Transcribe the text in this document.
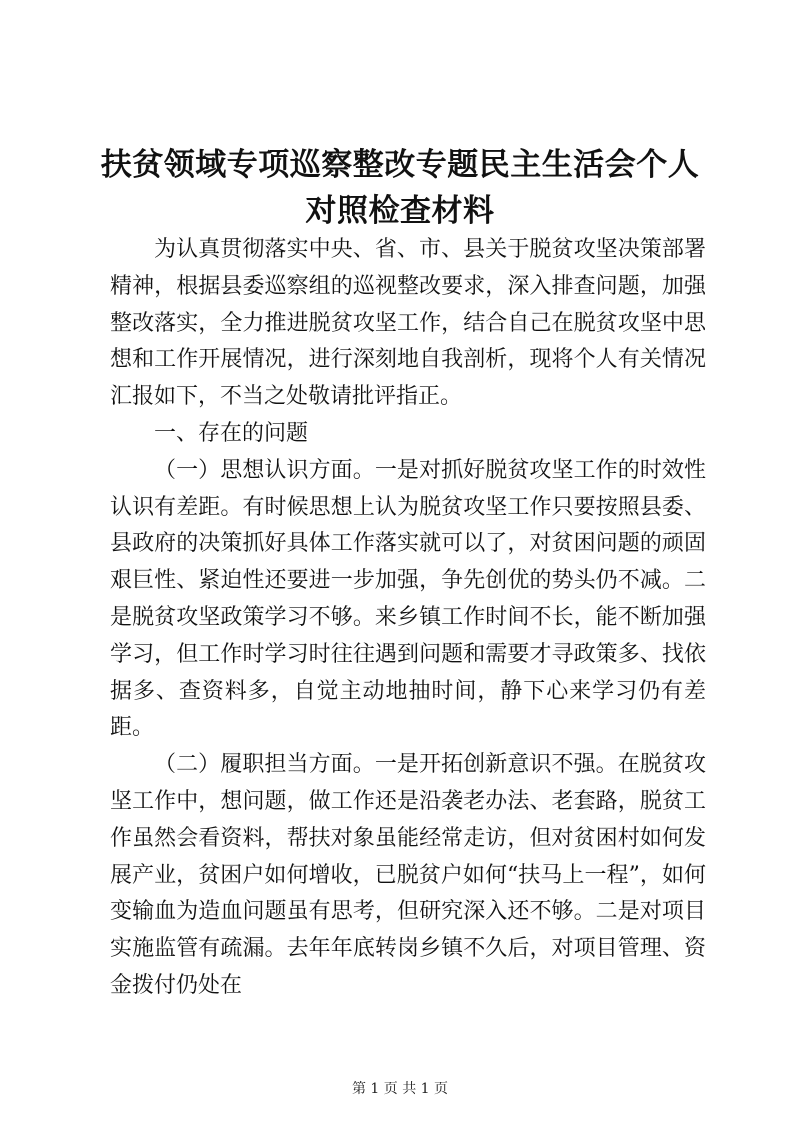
扶贫领域专项巡察整改专题民主生活会个人对照检查材料

为认真贯彻落实中央、省、市、县关于脱贫攻坚决策部署精神，根据县委巡察组的巡视整改要求，深入排查问题，加强整改落实，全力推进脱贫攻坚工作，结合自己在脱贫攻坚中思想和工作开展情况，进行深刻地自我剖析，现将个人有关情况汇报如下，不当之处敬请批评指正。

一、存在的问题

（一）思想认识方面。一是对抓好脱贫攻坚工作的时效性认识有差距。有时候思想上认为脱贫攻坚工作只要按照县委、县政府的决策抓好具体工作落实就可以了，对贫困问题的顽固艰巨性、紧迫性还要进一步加强，争先创优的势头仍不减。二是脱贫攻坚政策学习不够。来乡镇工作时间不长，能不断加强学习，但工作时学习时往往遇到问题和需要才寻政策多、找依据多、查资料多，自觉主动地抽时间，静下心来学习仍有差距。

（二）履职担当方面。一是开拓创新意识不强。在脱贫攻坚工作中，想问题，做工作还是沿袭老办法、老套路，脱贫工作虽然会看资料，帮扶对象虽能经常走访，但对贫困村如何发展产业，贫困户如何增收，已脱贫户如何“扶马上一程”，如何变输血为造血问题虽有思考，但研究深入还不够。二是对项目实施监管有疏漏。去年年底转岗乡镇不久后，对项目管理、资金拨付仍处在

第 1 页 共 1 页
